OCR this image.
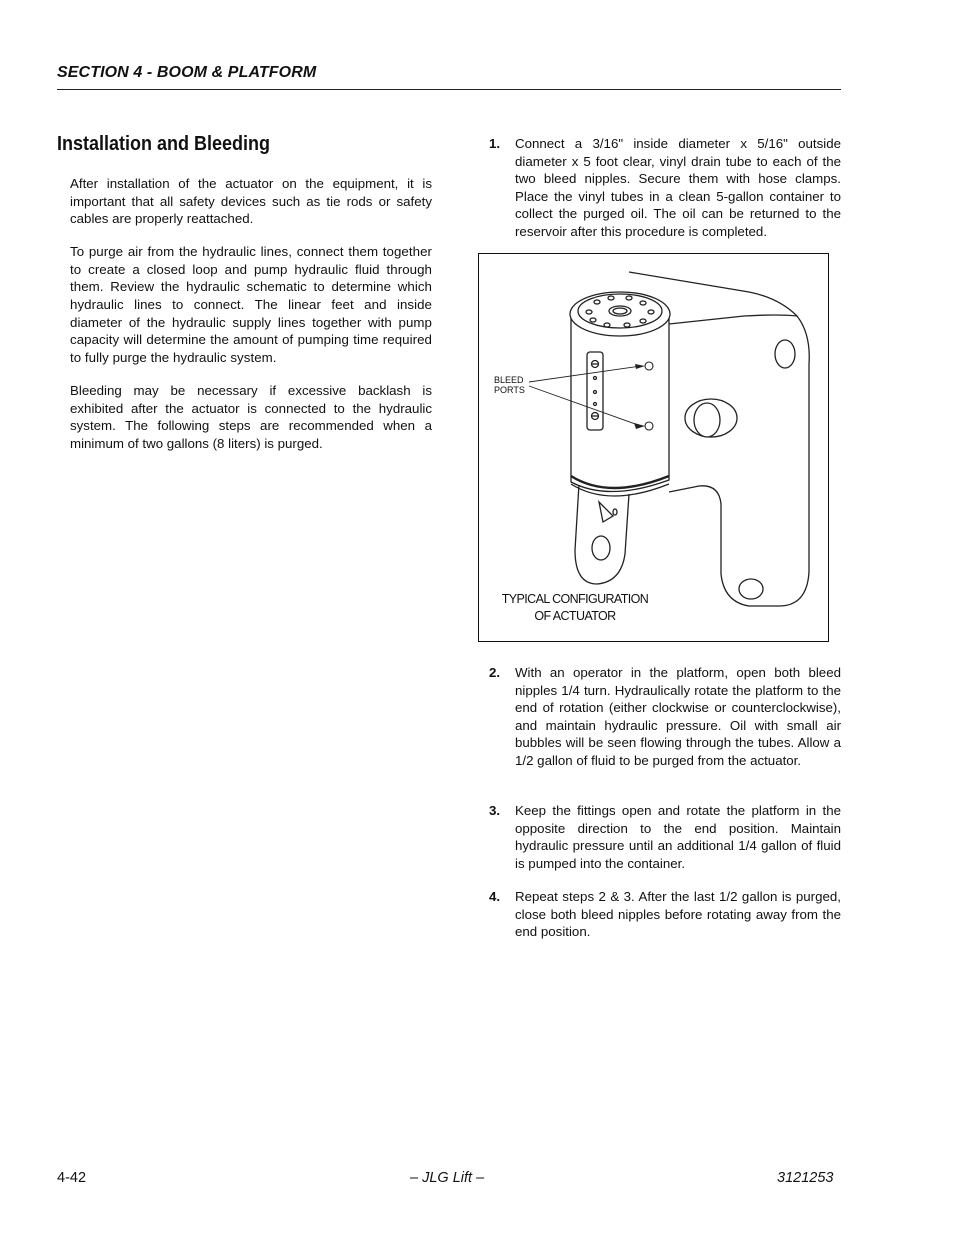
SECTION 4 - BOOM & PLATFORM
Installation and Bleeding

After installation of the actuator on the equipment, it is important that all safety devices such as tie rods or safety cables are properly reattached.

To purge air from the hydraulic lines, connect them together to create a closed loop and pump hydraulic fluid through them. Review the hydraulic schematic to determine which hydraulic lines to connect. The linear feet and inside diameter of the hydraulic supply lines together with pump capacity will determine the amount of pumping time required to fully purge the hydraulic system.

Bleeding may be necessary if excessive backlash is exhibited after the actuator is connected to the hydraulic system. The following steps are recommended when a minimum of two gallons (8 liters) is purged.

1. Connect a 3/16" inside diameter x 5/16" outside diameter x 5 foot clear, vinyl drain tube to each of the two bleed nipples. Secure them with hose clamps. Place the vinyl tubes in a clean 5-gallon container to collect the purged oil. The oil can be returned to the reservoir after this procedure is completed.
BLEED
PORTS
TYPICAL CONFIGURATION
OF ACTUATOR
2. With an operator in the platform, open both bleed nipples 1/4 turn. Hydraulically rotate the platform to the end of rotation (either clockwise or counterclockwise), and maintain hydraulic pressure. Oil with small air bubbles will be seen flowing through the tubes. Allow a 1/2 gallon of fluid to be purged from the actuator.
3. Keep the fittings open and rotate the platform in the opposite direction to the end position. Maintain hydraulic pressure until an additional 1/4 gallon of fluid is pumped into the container.
4. Repeat steps 2 & 3. After the last 1/2 gallon is purged, close both bleed nipples before rotating away from the end position.
4-42	– JLG Lift –	3121253
